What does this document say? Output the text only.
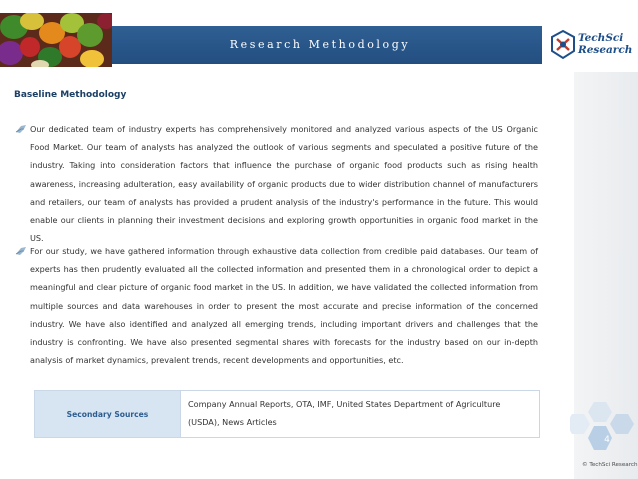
Research Methodology	TechSci
Research
Baseline Methodology
Our dedicated team of industry experts has comprehensively monitored and analyzed various aspects of the US Organic Food Market. Our team of analysts has analyzed the outlook of various segments and speculated a positive future of the industry. Taking into consideration factors that influence the purchase of organic food products such as rising health awareness, increasing adulteration, easy availability of organic products due to wider distribution channel of manufacturers and retailers, our team of analysts has provided a prudent analysis of the industry's performance in the future. This would enable our clients in planning their investment decisions and exploring growth opportunities in organic food market in the US.
For our study, we have gathered information through exhaustive data collection from credible paid databases. Our team of experts has then prudently evaluated all the collected information and presented them in a chronological order to depict a meaningful and clear picture of organic food market in the US. In addition, we have validated the collected information from multiple sources and data warehouses in order to present the most accurate and precise information of the concerned industry. We have also identified and analyzed all emerging trends, including important drivers and challenges that the industry is confronting. We have also presented segmental shares with forecasts for the industry based on our in-depth analysis of market dynamics, prevalent trends, recent developments and opportunities, etc.
Secondary Sources	Company Annual Reports, OTA, IMF, United States Department of Agriculture (USDA), News Articles
4
© TechSci Research
